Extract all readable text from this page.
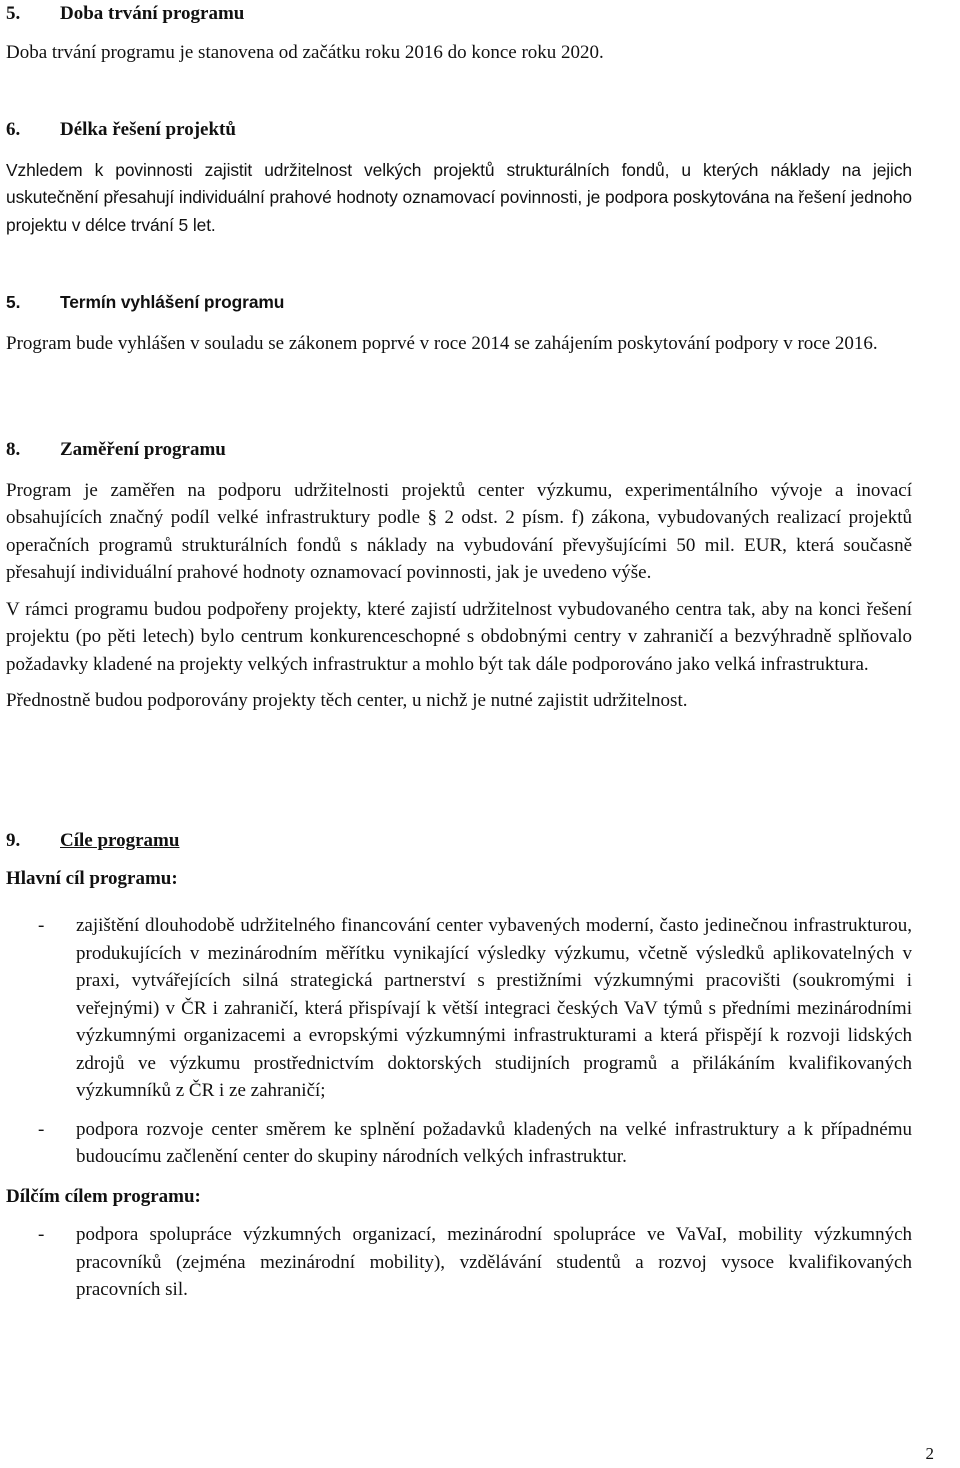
5. Doba trvání programu

Doba trvání programu je stanovena od začátku roku 2016 do konce roku 2020.

6. Délka řešení projektů

Vzhledem k povinnosti zajistit udržitelnost velkých projektů strukturálních fondů, u kterých náklady na jejich uskutečnění přesahují individuální prahové hodnoty oznamovací povinnosti, je podpora poskytována na řešení jednoho projektu v délce trvání 5 let.

5. Termín vyhlášení programu

Program bude vyhlášen v souladu se zákonem poprvé v roce 2014 se zahájením poskytování podpory v roce 2016.

8. Zaměření programu

Program je zaměřen na podporu udržitelnosti projektů center výzkumu, experimentálního vývoje a inovací obsahujících značný podíl velké infrastruktury podle § 2 odst. 2 písm. f) zákona, vybudovaných realizací projektů operačních programů strukturálních fondů s náklady na vybudování převyšujícími 50 mil. EUR, která současně přesahují individuální prahové hodnoty oznamovací povinnosti, jak je uvedeno výše.

V rámci programu budou podpořeny projekty, které zajistí udržitelnost vybudovaného centra tak, aby na konci řešení projektu (po pěti letech) bylo centrum konkurenceschopné s obdobnými centry v zahraničí a bezvýhradně splňovalo požadavky kladené na projekty velkých infrastruktur a mohlo být tak dále podporováno jako velká infrastruktura.

Přednostně budou podporovány projekty těch center, u nichž je nutné zajistit udržitelnost.

9. Cíle programu

Hlavní cíl programu:

- zajištění dlouhodobě udržitelného financování center vybavených moderní, často jedinečnou infrastrukturou, produkujících v mezinárodním měřítku vynikající výsledky výzkumu, včetně výsledků aplikovatelných v praxi, vytvářejících silná strategická partnerství s prestižními výzkumnými pracovišti (soukromými i veřejnými) v ČR i zahraničí, která přispívají k větší integraci českých VaV týmů s předními mezinárodními výzkumnými organizacemi a evropskými výzkumnými infrastrukturami a která přispějí k rozvoji lidských zdrojů ve výzkumu prostřednictvím doktorských studijních programů a přilákáním kvalifikovaných výzkumníků z ČR i ze zahraničí;

- podpora rozvoje center směrem ke splnění požadavků kladených na velké infrastruktury a k případnému budoucímu začlenění center do skupiny národních velkých infrastruktur.

Dílčím cílem programu:

- podpora spolupráce výzkumných organizací, mezinárodní spolupráce ve VaVaI, mobility výzkumných pracovníků (zejména mezinárodní mobility), vzdělávání studentů a rozvoj vysoce kvalifikovaných pracovních sil.

2
